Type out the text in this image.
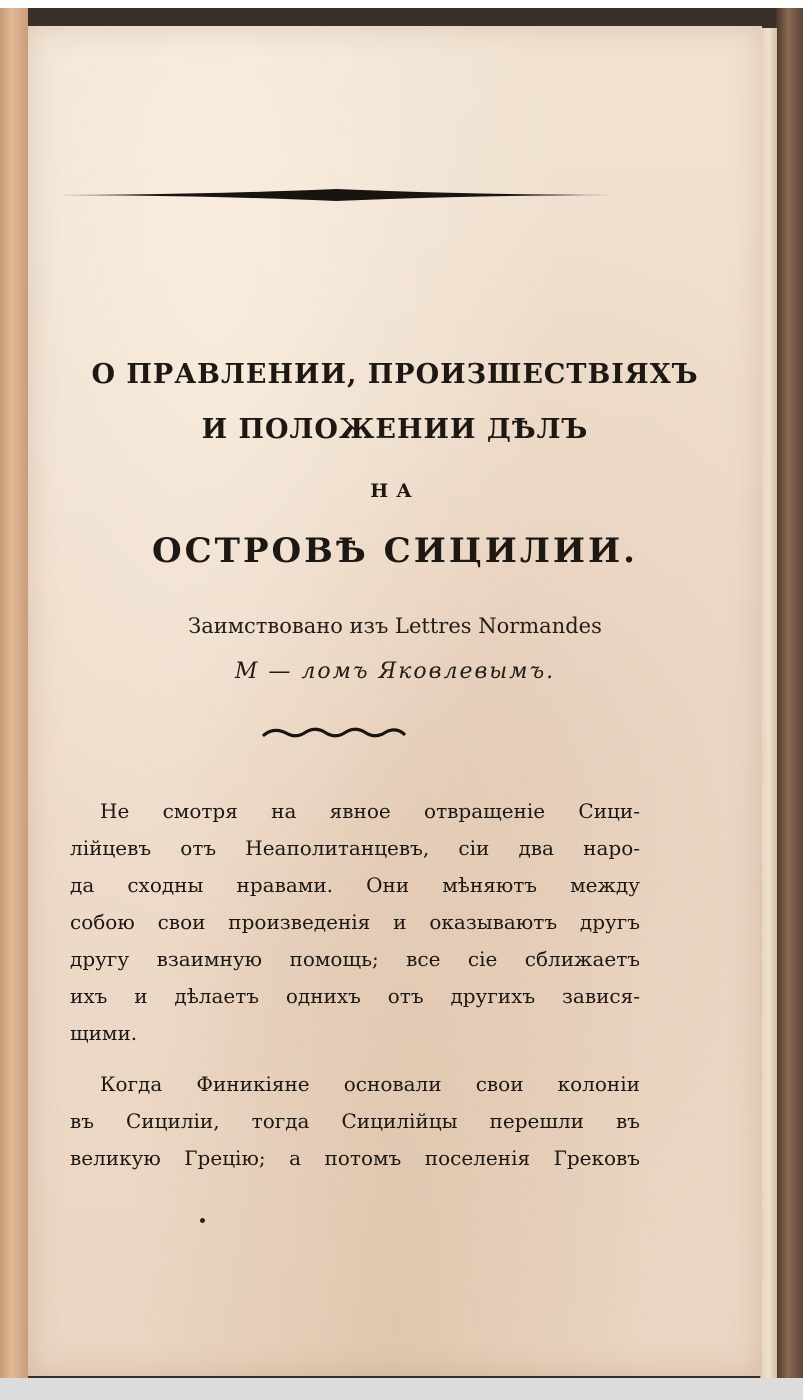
О ПРАВЛЕНИИ, ПРОИЗШЕСТВІЯХЪ
И ПОЛОЖЕНИИ ДѢЛЪ
НА
ОСТРОВѢ СИЦИЛИИ.
Заимствовано изъ Lettres Normandes
М — ломъ Яковлевымъ.
Не смотря на явное отвращеніе Сици-
лійцевъ отъ Неаполитанцевъ, сіи два наро-
да сходны нравами. Они мѣняютъ между
собою свои произведенія и оказываютъ другъ
другу взаимную помощь; все сіе сближаетъ
ихъ и дѣлаетъ однихъ отъ другихъ завися-
щими.
Когда Финикіяне основали свои колоніи
въ Сициліи, тогда Сицилійцы перешли въ
великую Грецію; а потомъ поселенія Грековъ
